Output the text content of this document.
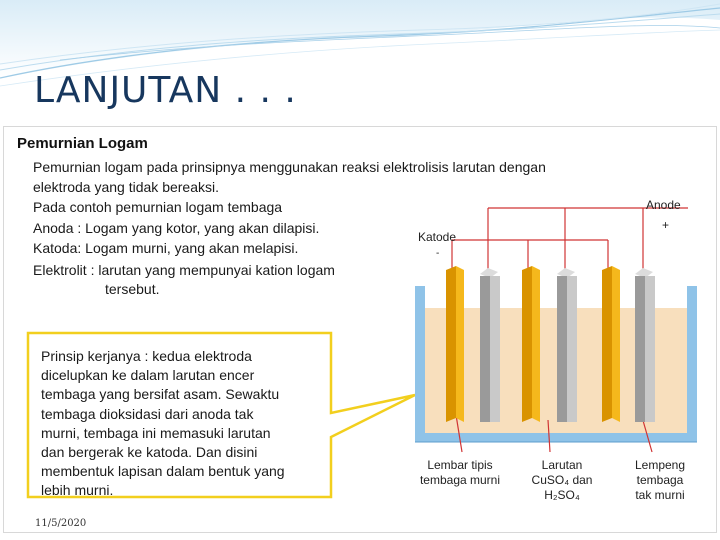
LANJUTAN . . .
Pemurnian Logam
Pemurnian logam pada prinsipnya menggunakan reaksi elektrolisis larutan dengan
elektroda yang tidak bereaksi.
Pada contoh pemurnian logam tembaga
Anoda : Logam yang kotor, yang akan dilapisi.
Katoda: Logam murni, yang akan melapisi.
Elektrolit : larutan yang mempunyai kation logam
tersebut.
Prinsip kerjanya : kedua elektroda
dicelupkan ke dalam larutan encer
tembaga yang bersifat asam. Sewaktu
tembaga dioksidasi dari anoda tak
murni, tembaga ini memasuki larutan
dan bergerak ke katoda. Dan disini
membentuk lapisan dalam bentuk yang
lebih murni.
Anode
+
Katode
-
Lembar tipis
tembaga murni
Larutan
CuSO₄ dan
H₂SO₄
Lempeng
tembaga
tak murni
11/5/2020
